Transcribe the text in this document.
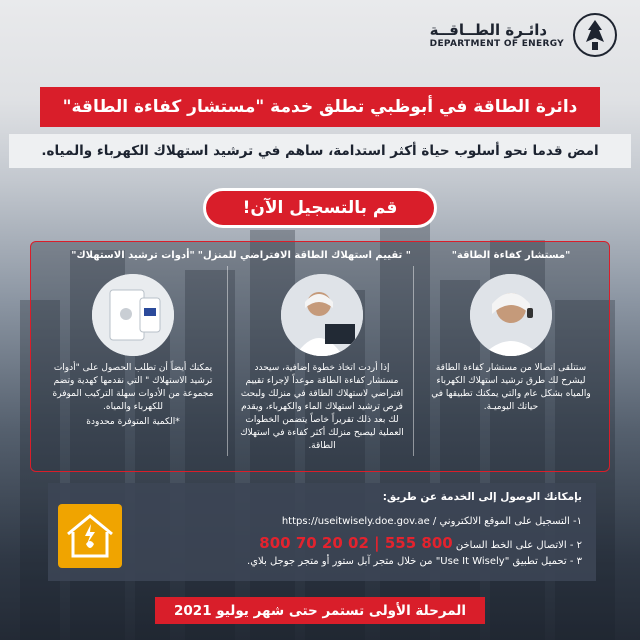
دائـرة الطــاقــة
DEPARTMENT OF ENERGY
دائرة الطاقة في أبوظبي تطلق خدمة "مستشار كفاءة الطاقة"
امض قدما نحو أسلوب حياة أكثر استدامة، ساهم في ترشيد استهلاك الكهرباء والمياه.
قم بالتسجيل الآن!
"مستشار كفاءة الطاقة"
ستتلقى اتصالا من مستشار كفاءة الطاقة ليشرح لك طرق ترشيد استهلاك الكهرباء والمياه بشكل عام والتي يمكنك تطبيقها في حياتك اليوميـة.
" تقييم استهلاك الطاقة الافتراضي للمنزل"
إذا أردت اتخاذ خطوة إضافية، سيحدد مستشار كفاءة الطاقة موعداً لإجراء تقييم افتراضي لاستهلاك الطاقة في منزلك ولبحث فرص ترشيد استهلاك الماء والكهرباء، ويقدم لك بعد ذلك تقريراً خاصاً يتضمن الخطوات العملية ليصبح منزلك أكثر كفاءة في استهلاك الطاقة.
"أدوات ترشيد الاستهلاك"
يمكنك أيضاً أن تطلب الحصول على "أدوات ترشيد الاستهلاك " التي نقدمها كهدية وتضم مجموعة من الأدوات سهلة التركيب الموفرة للكهرباء والمياه.
*الكمية المتوفرة محدودة
بإمكانك الوصول إلى الخدمة عن طريق:
١- التسجيل على الموقع الالكتروني / https://useitwisely.doe.gov.ae
٢ - الاتصال على الخط الساخن 800 555 | 02 20 70 800
٣ - تحميل تطبيق "Use It Wisely" من خلال متجر آبل ستور أو متجر جوجل بلاي.
المرحلة الأولى تستمر حتى شهر يوليو 2021
